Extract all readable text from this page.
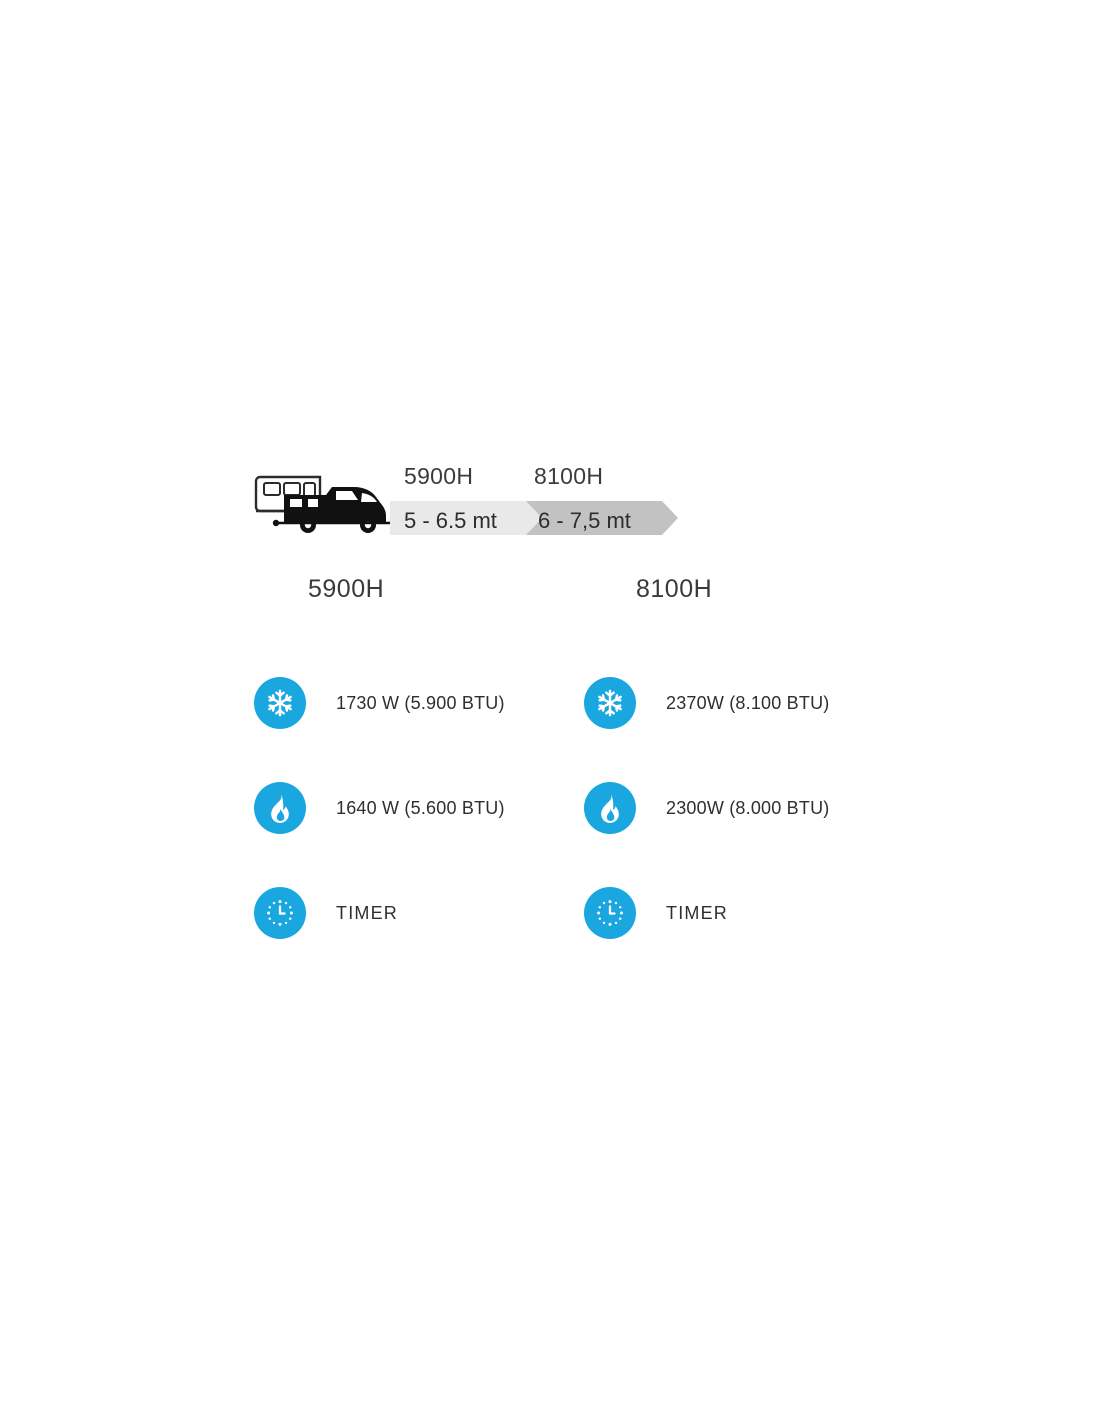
5900H	8100H
5 - 6.5 mt 6 - 7,5 mt
5900H	8100H
1730 W (5.900 BTU)
1640 W (5.600 BTU)
TIMER
2370W (8.100 BTU)
2300W (8.000 BTU)
TIMER
